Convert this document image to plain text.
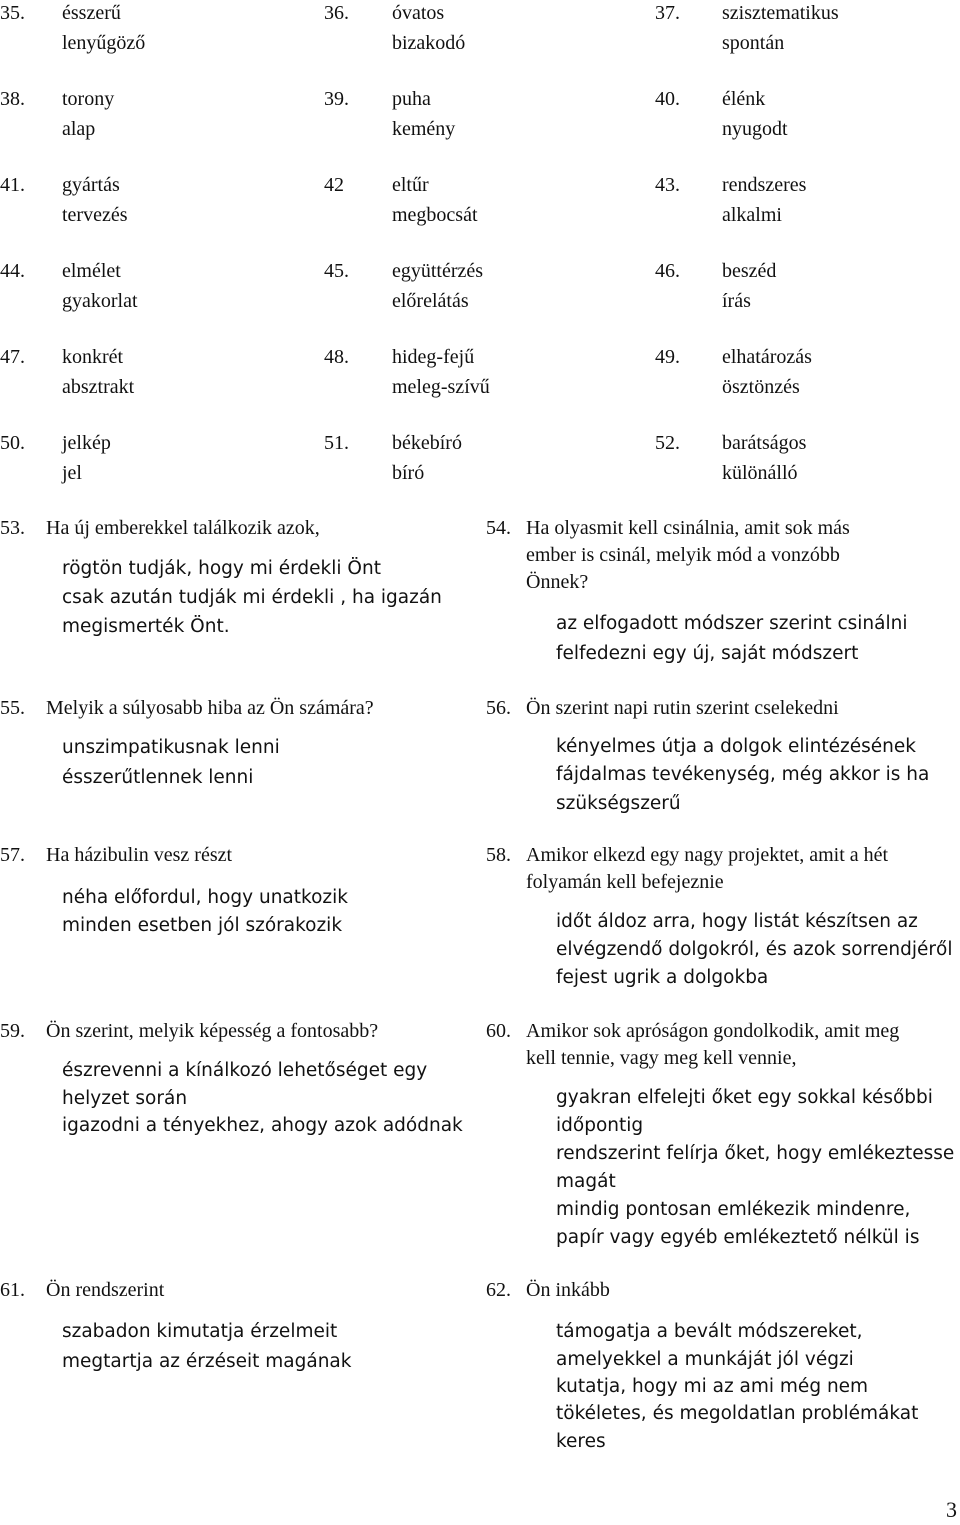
35. ésszerű
lenyűgöző
36. óvatos
bizakodó
37. szisztematikus
spontán
38. torony
alap
39. puha
kemény
40. élénk
nyugodt
41. gyártás
tervezés
42 eltűr
megbocsát
43. rendszeres
alkalmi
44. elmélet
gyakorlat
45. együttérzés
előrelátás
46. beszéd
írás
47. konkrét
absztrakt
48. hideg-fejű
meleg-szívű
49. elhatározás
ösztönzés
50. jelkép
jel
51. békebíró
bíró
52. barátságos
különálló
53. Ha új emberekkel találkozik azok,
rögtön tudják, hogy mi érdekli Önt
csak azután tudják mi érdekli , ha igazán
megismerték Önt.
54. Ha olyasmit kell csinálnia, amit sok más
ember is csinál, melyik mód a vonzóbb
Önnek?
az elfogadott módszer szerint csinálni
felfedezni egy új, saját módszert
55. Melyik a súlyosabb hiba az Ön számára?
unszimpatikusnak lenni
ésszerűtlennek lenni
56. Ön szerint napi rutin szerint cselekedni
kényelmes útja a dolgok elintézésének
fájdalmas tevékenység, még akkor is ha
szükségszerű
57. Ha házibulin vesz részt
néha előfordul, hogy unatkozik
minden esetben jól szórakozik
58. Amikor elkezd egy nagy projektet, amit a hét
folyamán kell befejeznie
időt áldoz arra, hogy listát készítsen az
elvégzendő dolgokról, és azok sorrendjéről
fejest ugrik a dolgokba
59. Ön szerint, melyik képesség a fontosabb?
észrevenni a kínálkozó lehetőséget egy
helyzet során
igazodni a tényekhez, ahogy azok adódnak
60. Amikor sok apróságon gondolkodik, amit meg
kell tennie, vagy meg kell vennie,
gyakran elfelejti őket egy sokkal későbbi
időpontig
rendszerint felírja őket, hogy emlékeztesse
magát
mindig pontosan emlékezik mindenre,
papír vagy egyéb emlékeztető nélkül is
61. Ön rendszerint
szabadon kimutatja érzelmeit
megtartja az érzéseit magának
62. Ön inkább
támogatja a bevált módszereket,
amelyekkel a munkáját jól végzi
kutatja, hogy mi az ami még nem
tökéletes, és megoldatlan problémákat
keres
3
